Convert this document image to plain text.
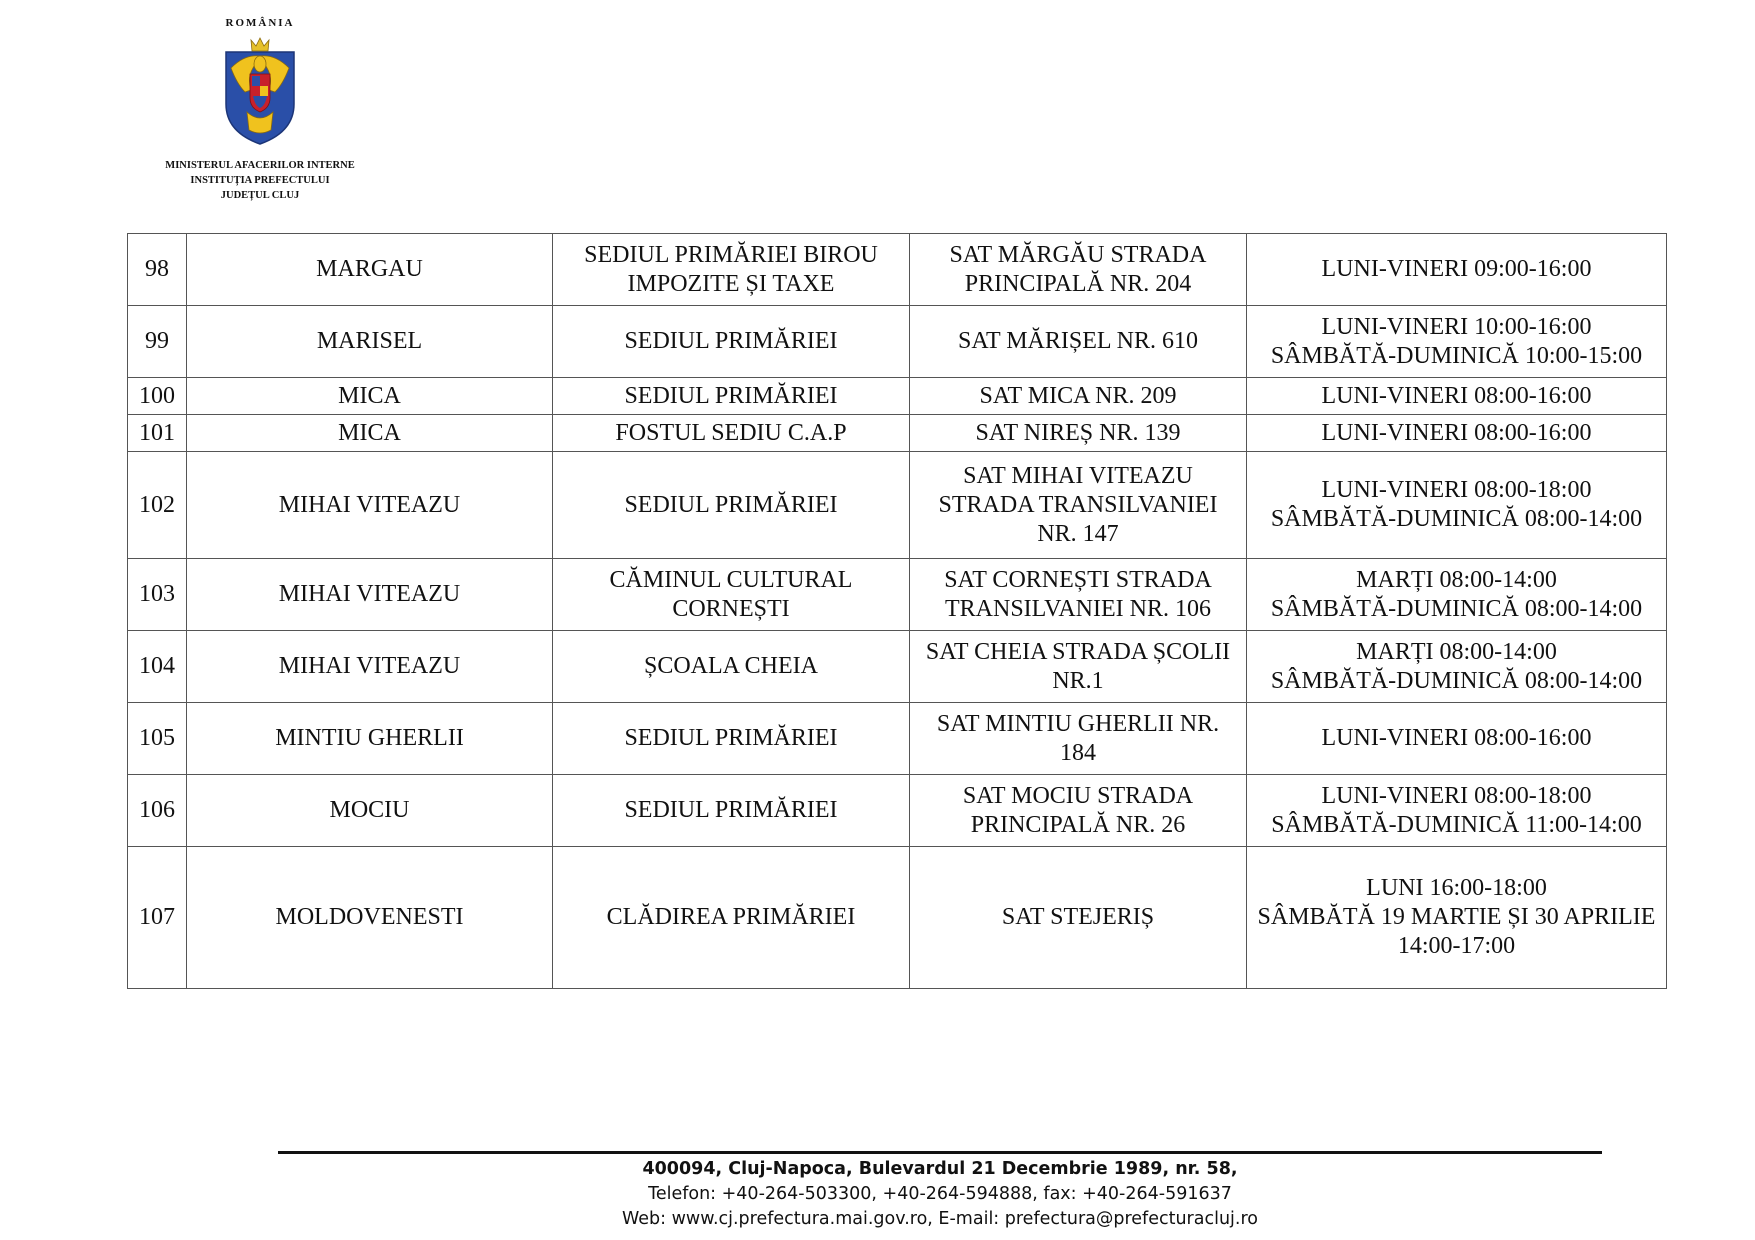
ROMÂNIA
MINISTERUL AFACERILOR INTERNE
INSTITUȚIA PREFECTULUI
JUDEȚUL CLUJ
98	MARGAU	SEDIUL PRIMĂRIEI BIROU IMPOZITE ȘI TAXE	SAT MĂRGĂU STRADA PRINCIPALĂ NR. 204	LUNI-VINERI 09:00-16:00

99	MARISEL	SEDIUL PRIMĂRIEI	SAT MĂRIȘEL NR. 610	LUNI-VINERI 10:00-16:00
SÂMBĂTĂ-DUMINICĂ 10:00-15:00

100	MICA	SEDIUL PRIMĂRIEI	SAT MICA NR. 209	LUNI-VINERI 08:00-16:00

101	MICA	FOSTUL SEDIU C.A.P	SAT NIREȘ NR. 139	LUNI-VINERI 08:00-16:00

102	MIHAI VITEAZU	SEDIUL PRIMĂRIEI	SAT MIHAI VITEAZU STRADA TRANSILVANIEI NR. 147	LUNI-VINERI 08:00-18:00
SÂMBĂTĂ-DUMINICĂ 08:00-14:00

103	MIHAI VITEAZU	CĂMINUL CULTURAL CORNEȘTI	SAT CORNEȘTI STRADA TRANSILVANIEI NR. 106	MARȚI 08:00-14:00
SÂMBĂTĂ-DUMINICĂ 08:00-14:00

104	MIHAI VITEAZU	ȘCOALA CHEIA	SAT CHEIA STRADA ȘCOLII NR.1	MARȚI 08:00-14:00
SÂMBĂTĂ-DUMINICĂ 08:00-14:00

105	MINTIU GHERLII	SEDIUL PRIMĂRIEI	SAT MINTIU GHERLII NR. 184	LUNI-VINERI 08:00-16:00

106	MOCIU	SEDIUL PRIMĂRIEI	SAT MOCIU STRADA PRINCIPALĂ NR. 26	LUNI-VINERI 08:00-18:00
SÂMBĂTĂ-DUMINICĂ 11:00-14:00

107	MOLDOVENESTI	CLĂDIREA PRIMĂRIEI	SAT STEJERIȘ	LUNI 16:00-18:00
SÂMBĂTĂ 19 MARTIE ȘI 30 APRILIE 14:00-17:00
400094, Cluj-Napoca, Bulevardul 21 Decembrie 1989, nr. 58,
Telefon: +40-264-503300, +40-264-594888, fax: +40-264-591637
Web: www.cj.prefectura.mai.gov.ro, E-mail: prefectura@prefecturacluj.ro
